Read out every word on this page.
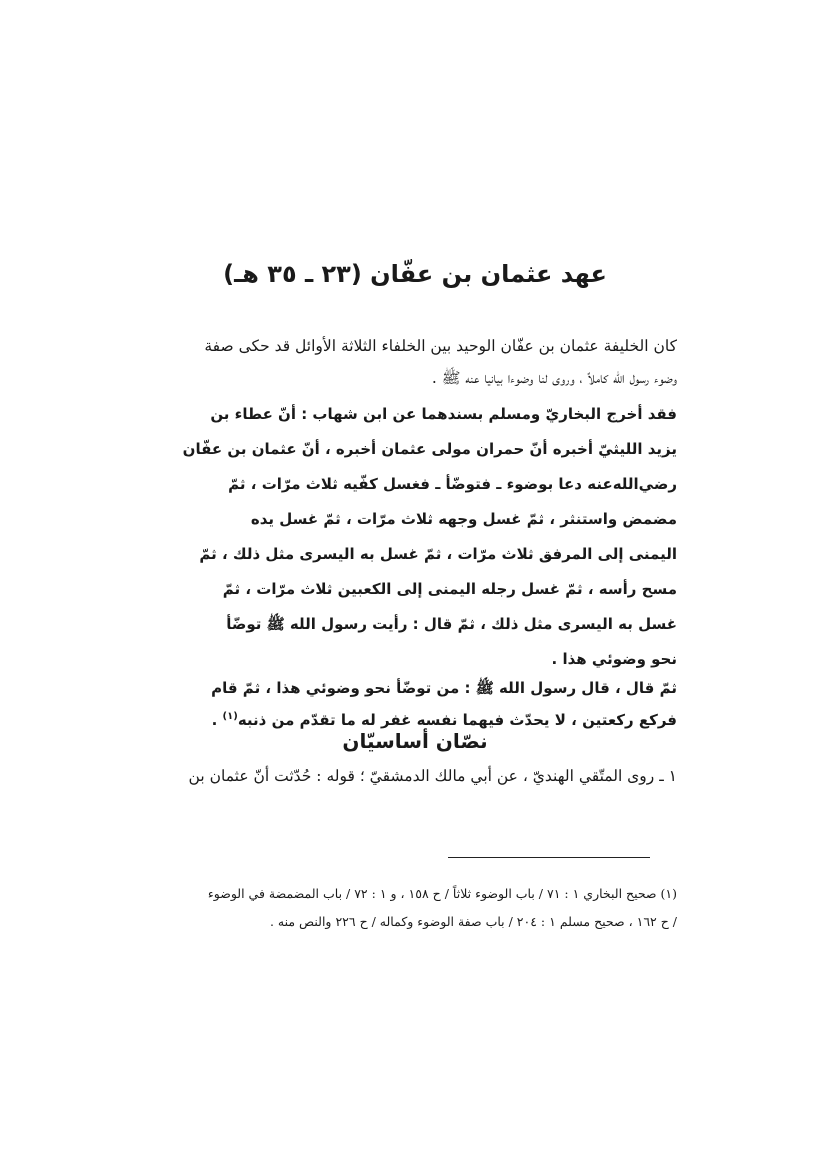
عهد عثمان بن عفّان (٢٣ ـ ٣٥ هـ)
كان الخليفة عثمان بن عفّان الوحيد بين الخلفاء الثلاثة الأوائل قد حكى صفة
وضوء رسول الله كاملاً ، وروى لنا وضوءا بيانيا عنه ﷺ .
فقد أخرج البخاريّ ومسلم بسندهما عن ابن شهاب : أنّ عطاء بن
يزيد الليثيّ أخبره أنّ حمران مولى عثمان أخبره ، أنّ عثمان بن عفّان
رضي‌الله‌عنه دعا بوضوء ـ فتوضّأ ـ فغسل كفّيه ثلاث مرّات ، ثمّ
مضمض واستنثر ، ثمّ غسل وجهه ثلاث مرّات ، ثمّ غسل يده
اليمنى إلى المرفق ثلاث مرّات ، ثمّ غسل به اليسرى مثل ذلك ، ثمّ
مسح رأسه ، ثمّ غسل رجله اليمنى إلى الكعبين ثلاث مرّات ، ثمّ
غسل به اليسرى مثل ذلك ، ثمّ قال : رأيت رسول الله ﷺ توضّأ
نحو وضوئي هذا .
ثمّ قال ، قال رسول الله ﷺ : من توضّأ نحو وضوئي هذا ، ثمّ قام
فركع ركعتين ، لا يحدّث فيهما نفسه غفر له ما تقدّم من ذنبه$^{(١)}$ .
نصّان أساسيّان
١ ـ روى المتّقي الهنديّ ، عن أبي مالك الدمشقيّ ؛ قوله : حُدّثت أنّ عثمان بن
(١) صحيح البخاري ١ : ٧١ / باب الوضوء ثلاثاً / ح ١٥٨ ، و ١ : ٧٢ / باب المضمضة في الوضوء
/ ح ١٦٢ ، صحيح مسلم ١ : ٢٠٤ / باب صفة الوضوء وكماله / ح ٢٢٦ والنص منه .
